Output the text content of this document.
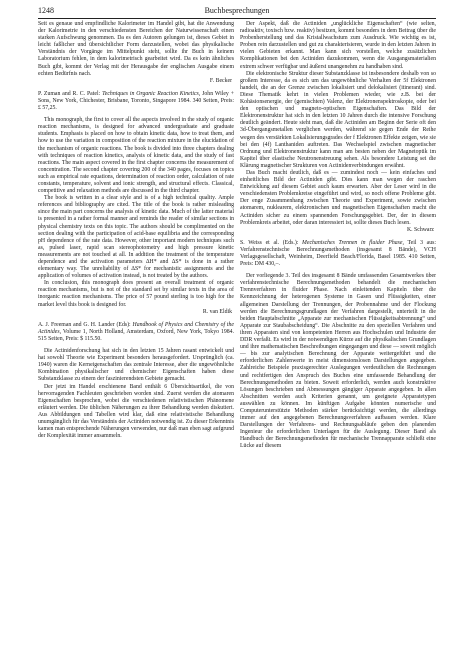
1248	Buchbesprechungen

Seit es genaue und empfindliche Kalorimeter im Handel gibt, hat die Anwendung der Kalorimetrie in den verschiedensten Bereichen der Naturwissenschaft einen starken Aufschwung genommen. Da es den Autoren gelungen ist, dieses Gebiet in leicht faßlicher und übersichtlicher Form darzustellen, wobei das physikalische Verständnis der Vorgänge im Mittelpunkt steht, sollte ihr Buch in keinem Laboratorium fehlen, in dem kalorimetrisch gearbeitet wird. Da es kein ähnliches Buch gibt, kommt der Verlag mit der Herausgabe der englischen Ausgabe einem echten Bedürfnis nach.

F. Becker
P. Zuman and R. C. Patel: Techniques in Organic Reaction Kinetics, John Wiley + Sons, New York, Chichester, Brisbane, Toronto, Singapore 1984. 340 Seiten, Preis: £ 57,25.

This monograph, the first to cover all the aspects involved in the study of organic reaction mechanisms, is designed for advanced undergraduate and graduate students. Emphasis is placed on how to obtain kinetic data, how to treat them, and how to use the variation in composition of the reaction mixture in the elucidation of the mechanism of organic reactions. The book is divided into three chapters dealing with techniques of reaction kinetics, analysis of kinetic data, and the study of fast reactions. The main aspect covered in the first chapter concerns the measurement of concentration. The second chapter covering 200 of the 340 pages, focuses on topics such as empirical rate equations, determination of reaction order, calculation of rate constants, temperature, solvent and ionic strength, and structural effects. Classical, competitive and relaxation methods are discussed in the third chapter.

The book is written in a clear style and is of a high technical quality. Ample references and bibliography are cited. The title of the book is rather misleading since the main part concerns the analysis of kinetic data. Much of the latter material is presented in a rather formal manner and reminds the reader of similar sections in physical chemistry texts on this topic. The authors should be complimented on the section dealing with the participation of acid-base equilibria and the corresponding pH dependence of the rate data. However, other important modern techniques such as, pulsed laser, rapid scan stereophotometry and high pressure kinetic measurements are not touched at all. In addition the treatment of the temperature dependence and the activation parameters ΔH* and ΔS* is done in a rather elementary way. The unreliability of ΔS* for mechanistic assignments and the application of volumes of activation instead, is not treated by the authors.

In conclusion, this monograph does present an overall treatment of organic reaction mechanisms, but is not of the standard set by similar texts in the area of inorganic reaction mechanisms. The price of 57 pound sterling is too high for the market level this book is designed for.

R. van Eldik
A. J. Freeman and G. H. Lander (Eds): Handbook of Physics and Chemistry of the Actinides, Volume 1, North Holland, Amsterdam, Oxford, New York, Tokyo 1984. 515 Seiten, Preis: $ 115.50.

Die Actinidenforschung hat sich in den letzten 15 Jahren rasant entwickelt und hat sowohl Theorie wie Experiment besonders herausgefordert. Ursprünglich (ca. 1940) waren die Kerneigenschaften das zentrale Interesse, aber die ungewöhnliche Kombination physikalischer und chemischer Eigenschaften haben diese Substanzklasse zu einem der faszinierendsten Gebiete gemacht.

Der jetzt im Handel erschienene Band enthält 6 Übersichtsartikel, die von hervorragenden Fachleuten geschrieben worden sind. Zuerst werden die atomaren Eigenschaften besprochen, wobei die verschiedenen relativistischen Phänomene erläutert werden. Die üblichen Näherungen zu ihrer Behandlung werden diskutiert. Aus Abbildungen und Tabellen wird klar, daß eine relativistische Behandlung unumgänglich für das Verständnis der Actiniden notwendig ist. Zu dieser Erkenntnis kamen man entsprechende Näherungen verwenden, nur daß man eben sagt aufgrund der Komplexität immer ansammeln.

Der Aspekt, daß die Actiniden „unglückliche Eigenschaften“ (wie selten, radioaktiv, toxisch bzw. reaktiv) besitzen, kommt besonders in dem Beitrag über die Probenherstellung und das Kristallwachstum zum Ausdruck. Wie wichtig es ist, Proben rein darzustellen und gut zu charakterisieren, wurde in den letzten Jahren in vielen Gebieten erkannt. Man kann sich vorstellen, welche zusätzlichen Komplikationen bei den Actiniden dazukommen, wenn die Ausgangsmaterialien extrem schwer verfügbar und äußerst unangenehm zu handhaben sind.

Die elektronische Struktur dieser Substanzklasse ist insbesondere deshalb von so großem Interesse, da es sich um das ungewöhnliche Verhalten der 5f Elektronen handelt, die an der Grenze zwischen lokalisiert und delokalisiert (itinerant) sind. Diese Thematik kehrt in vielen Problemen wieder, wie z.B. bei der Kohäsionsenergie, der (gemischten) Valenz, der Elektronenspektroskopie, oder bei den optischen und magneto-optischen Eigenschaften. Das Bild der Elektronenstruktur hat sich in den letzten 10 Jahren durch die intensive Forschung deutlich geändert. Heute sieht man, daß die Actiniden am Beginn der Serie oft den 3d-Übergangsmetallen verglichen werden, während sie gegen Ende der Reihe wegen des verstärkten Lokalisierungsgrades der f Elektronen Effekte zeigen, wie sie bei den (4f) Lanthaniden auftreten. Das Wechselspiel zwischen magnetischer Ordnung und Elektronenstruktur kann man am besten neben der Magnetoptik im Kapitel über elastische Neutronenstreuung sehen. Als besondere Leistung sei die Klärung magnetischer Strukturen von Actinidenverbindungen erwähnt.

Das Buch macht deutlich, daß es — zumindest noch — kein einfaches und einheitliches Bild der Actiniden gibt. Dies kann man wegen der raschen Entwicklung auf diesem Gebiet auch kaum erwarten. Aber der Leser wird in die verschiedensten Problemkreise eingeführt und wird, so noch offene Probleme gibt. Der enge Zusammenhang zwischen Theorie und Experiment, sowie zwischen atomarem, nuklearem, elektronischen und magnetischen Eigenschaften macht die Actiniden sicher zu einem spannenden Forschungsgebiet. Der, der in diesem Problemkreis arbeitet, oder daran interessiert ist, sollte dieses Buch lesen.

K. Schwarz
S. Weiss et al. (Eds.): Mechanisches Trennen in fluider Phase, Teil 3 aus: Verfahrenstechnische Berechnungsmethoden (insgesamt 8 Bände), VCH Verlagsgesellschaft, Weinheim, Deerfield Beach/Florida, Basel 1985. 410 Seiten, Preis: DM 430,–.

Der vorliegende 3. Teil des insgesamt 8 Bände umfassenden Gesamtwerkes über verfahrenstechnische Berechnungsmethoden behandelt die mechanischen Trennverfahren in fluider Phase. Nach einleitenden Kapiteln über die Kennzeichnung der heterogenen Systeme in Gasen und Flüssigkeiten, einer allgemeinen Darstellung der Trennungen, der Probennahme und der Flockung werden die Berechnungsgrundlagen der Verfahren dargestellt, unterteilt in die beiden Hauptabschnitte „Apparate zur mechanischen Flüssigkeitsabtrennung“ und Apparate zur Staubabscheidung“. Die Abschnitte zu den speziellen Verfahren und ihren Apparaten sind von kompetenten Herren aus Hochschulen und Industrie der DDR verfaßt. Es wird in der notwendigen Kürze auf die physikalischen Grundlagen und ihre mathematischen Beschreibungen eingegangen und diese — soweit möglich — bis zur analytischen Berechnung der Apparate weitergeführt und die erforderlichen Zahlenwerte in meist dimensionslosen Darstellungen angegeben. Zahlreiche Beispiele praxisgerechter Auslegungen verdeutlichen die Rechnungen und rechtfertigen den Anspruch des Buches eine umfassende Behandlung der Berechnungsmethoden zu bieten. Soweit erforderlich, werden auch konstruktive Lösungen beschrieben und Abmessungen gängiger Apparate angegeben. In allen Abschnitten werden auch Kriterien genannt, um geeignete Apparatetypen auswählen zu können. Im künftigen Aufgabe könnten numerische und Computerunterstützte Methoden stärker berücksichtigt werden, die allerdings immer auf den angegebenen Berechnungsverfahren aufbauen werden. Klare Darstellungen der Verfahrens- und Rechnungsabläufe geben den planenden Ingenieur die erforderlichen Unterlagen für die Auslegung. Dieser Band als Handbuch der Berechnungsmethoden für mechanische Trennapparate schließt eine Lücke auf diesem
